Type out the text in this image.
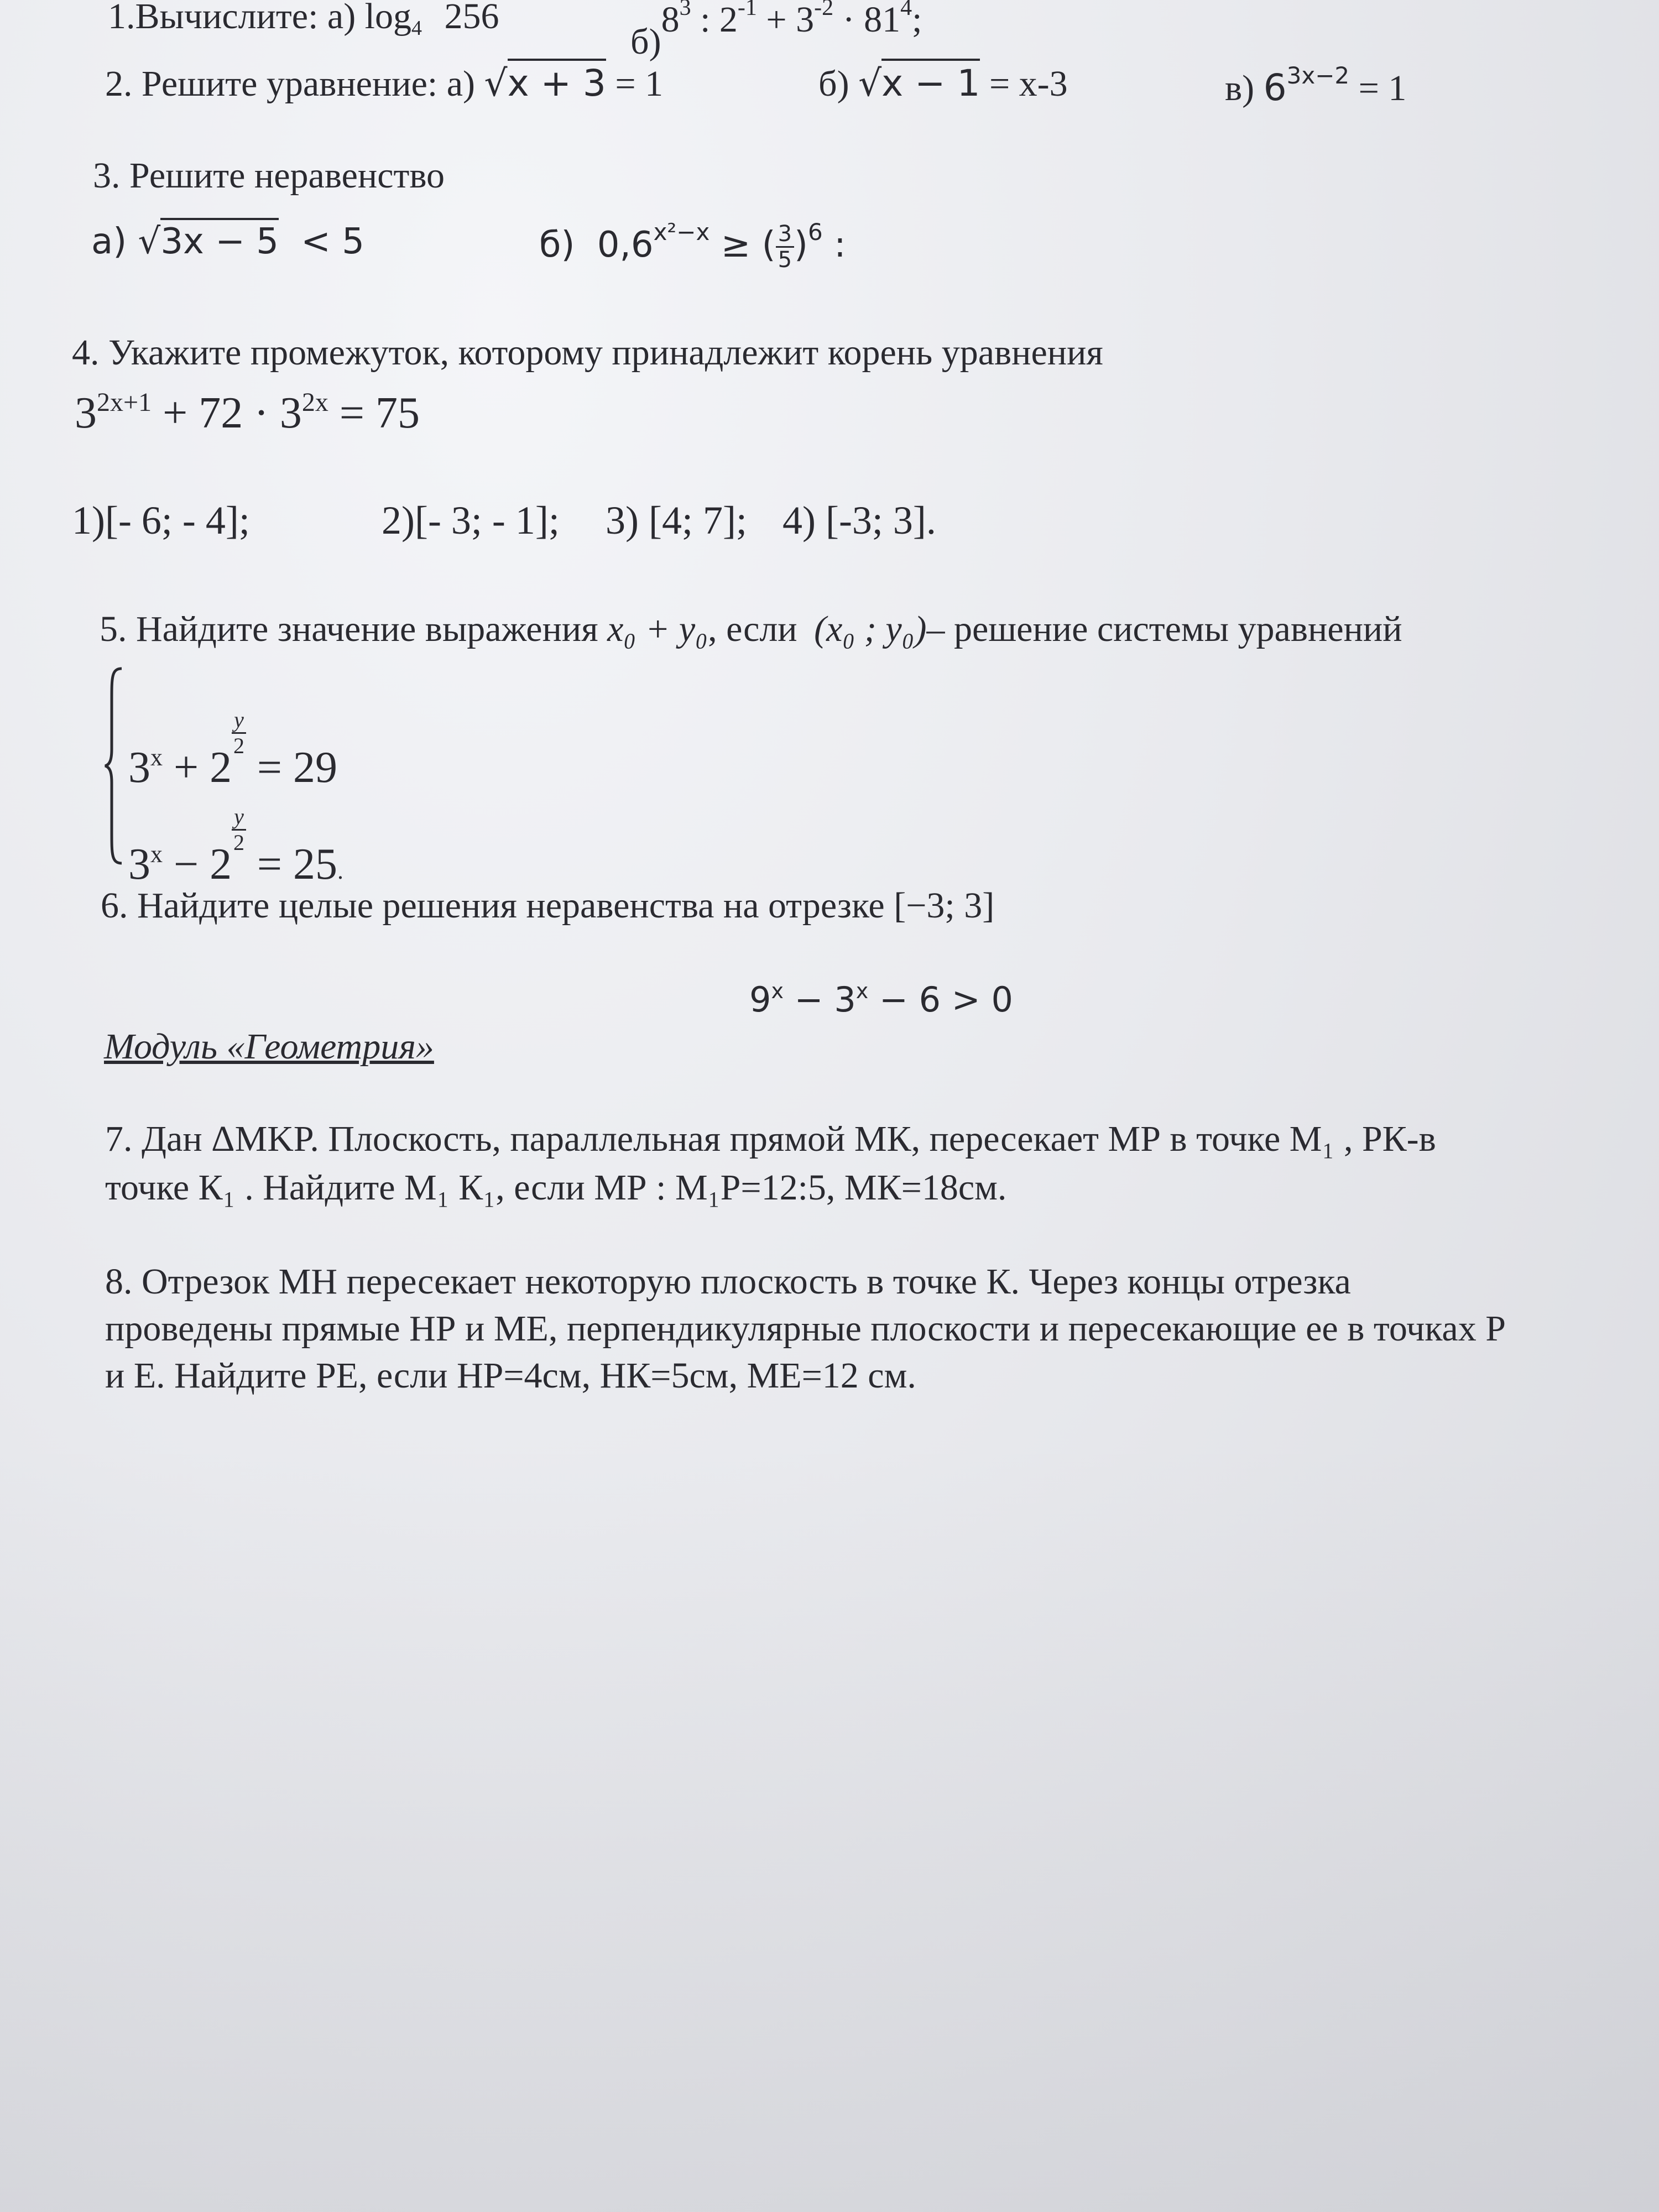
1.Вычислите: а) $\log_4 256$
$б)8^3$ : $2^{-1} + 3^{-2} \cdot 81^4$;
2. Решите уравнение: а) √x + 3 = 1	б) √x − 1 = x-3	в) $6^{3x-2} = 1$
3. Решите неравенство
а) √3x − 5 < 5	б) $0,6^{x^2-x}$ ≥ ( $\frac{3}{5})^6$ :
4. Укажите промежуток, которому принадлежит корень уравнения
$3^{2x+1} + 72 \cdot 3^{2x} = 75$
1)[- 6; - 4];	2)[- 3; - 1]; 3) [4; 7]; 4) [-3; 3].
5. Найдите значение выражения x₀ + y₀, если (x₀ ; y₀)– решение системы уравнений
$3^x + 2$
$\frac{y}{2} = 29$
$3^x - 2$
$\frac{y}{2} = 25$.
6. Найдите целые решения неравенства на отрезке [−3; 3]
$9^x - 3^x - 6 > 0$
Модуль «Геометрия»
7. Дан ΔMKP. Плоскость, параллельная прямой МК, пересекает МР в точке М₁ , РК-в
точке К₁ . Найдите М₁ К₁, если МР : М₁Р=12:5, МК=18см.
8. Отрезок МН пересекает некоторую плоскость в точке К. Через концы отрезка
проведены прямые НР и МЕ, перпендикулярные плоскости и пересекающие ее в точках Р
и Е. Найдите РЕ, если НР=4см, НК=5см, МЕ=12 см.
